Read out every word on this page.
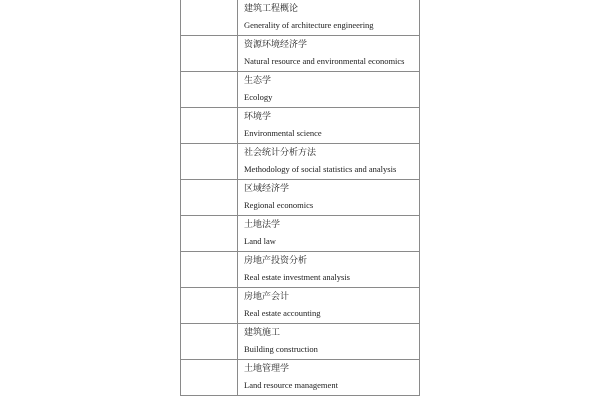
	建筑工程概论
Generality of architecture engineering

	资源环境经济学
Natural resource and environmental economics

	生态学
Ecology

	环境学
Environmental science

	社会统计分析方法
Methodology of social statistics and analysis

	区域经济学
Regional economics

	土地法学
Land law

	房地产投资分析
Real estate investment analysis

	房地产会计
Real estate accounting

	建筑施工
Building construction

	土地管理学
Land resource management
